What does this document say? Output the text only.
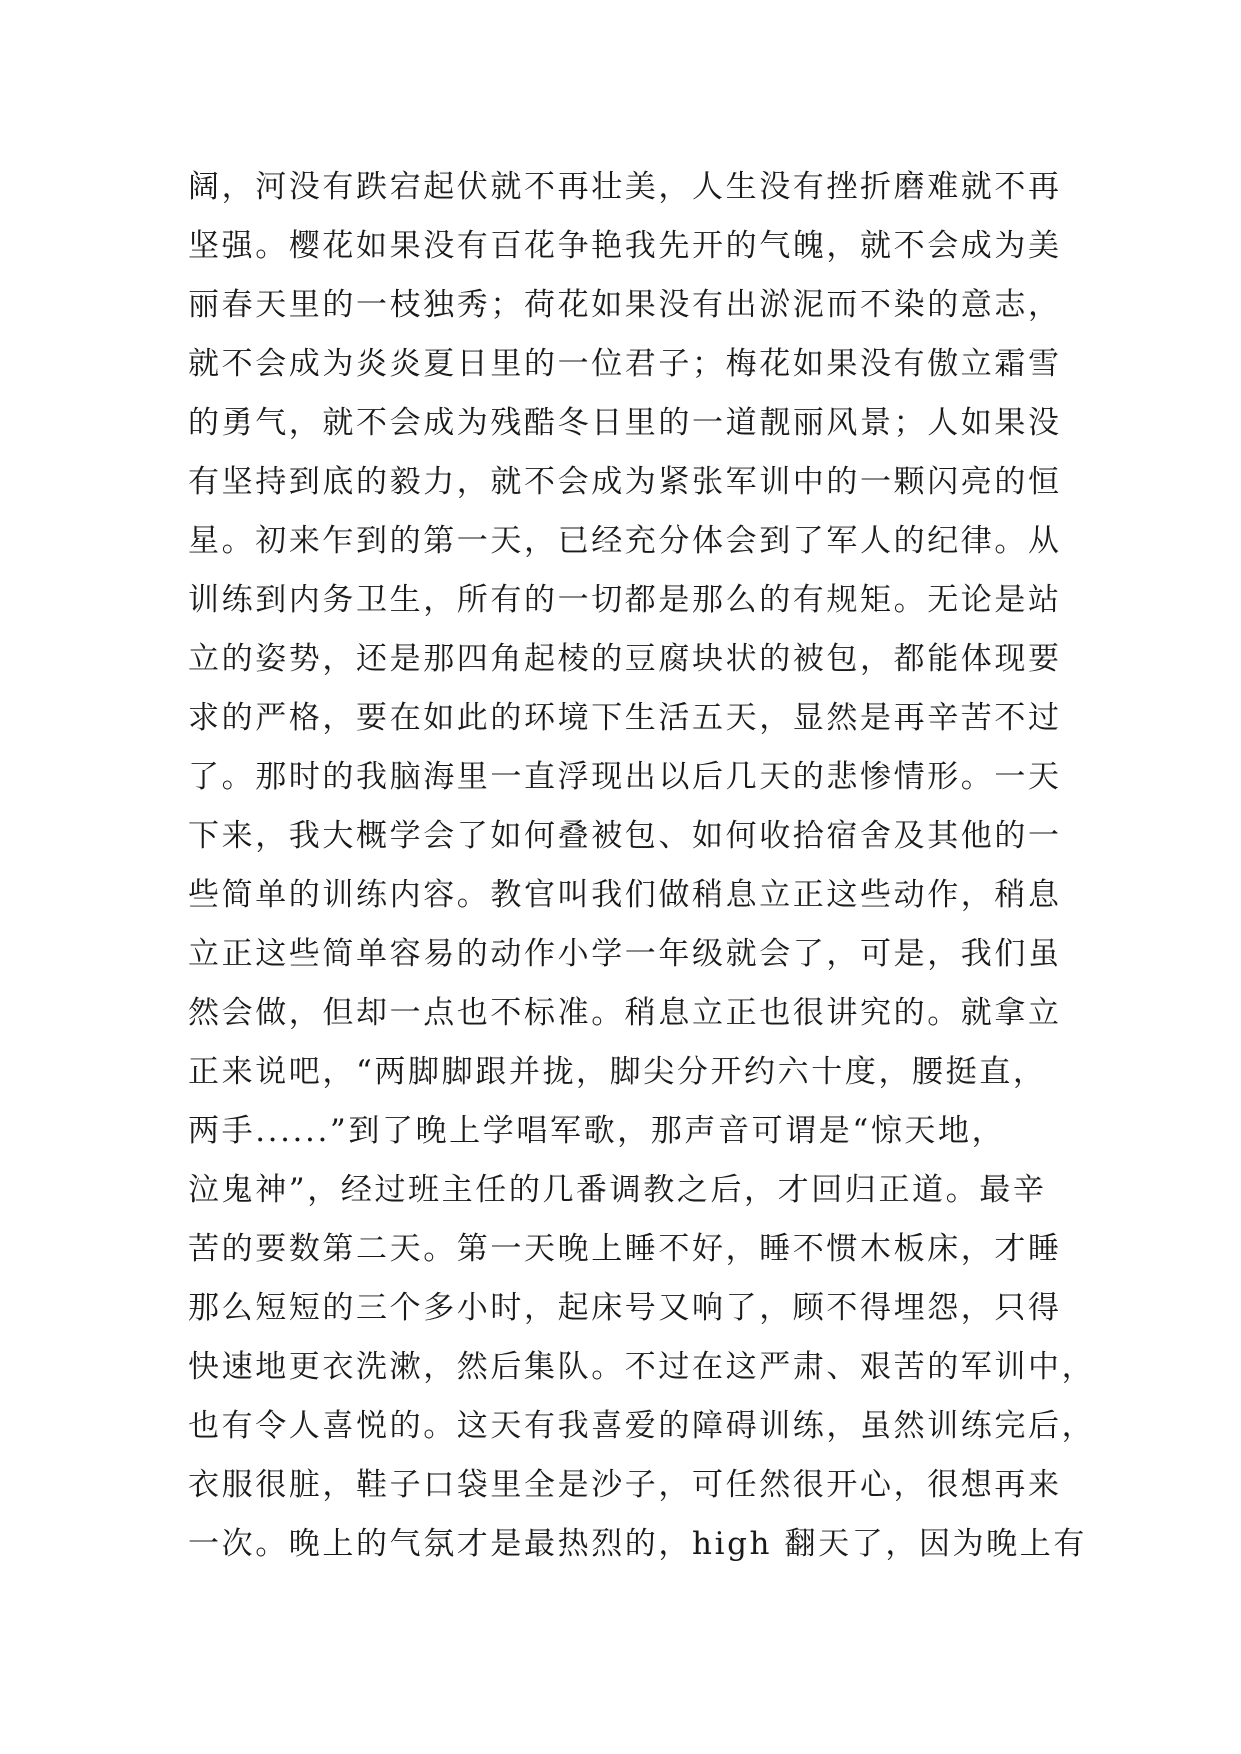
阔，河没有跌宕起伏就不再壮美，人生没有挫折磨难就不再
坚强。樱花如果没有百花争艳我先开的气魄，就不会成为美
丽春天里的一枝独秀；荷花如果没有出淤泥而不染的意志，
就不会成为炎炎夏日里的一位君子；梅花如果没有傲立霜雪
的勇气，就不会成为残酷冬日里的一道靓丽风景；人如果没
有坚持到底的毅力，就不会成为紧张军训中的一颗闪亮的恒
星。初来乍到的第一天，已经充分体会到了军人的纪律。从
训练到内务卫生，所有的一切都是那么的有规矩。无论是站
立的姿势，还是那四角起棱的豆腐块状的被包，都能体现要
求的严格，要在如此的环境下生活五天，显然是再辛苦不过
了。那时的我脑海里一直浮现出以后几天的悲惨情形。一天
下来，我大概学会了如何叠被包、如何收拾宿舍及其他的一
些简单的训练内容。教官叫我们做稍息立正这些动作，稍息
立正这些简单容易的动作小学一年级就会了，可是，我们虽
然会做，但却一点也不标准。稍息立正也很讲究的。就拿立
正来说吧，“两脚脚跟并拢，脚尖分开约六十度，腰挺直，
两手......”到了晚上学唱军歌，那声音可谓是“惊天地，
泣鬼神”，经过班主任的几番调教之后，才回归正道。最辛
苦的要数第二天。第一天晚上睡不好，睡不惯木板床，才睡
那么短短的三个多小时，起床号又响了，顾不得埋怨，只得
快速地更衣洗漱，然后集队。不过在这严肃、艰苦的军训中，
也有令人喜悦的。这天有我喜爱的障碍训练，虽然训练完后，
衣服很脏，鞋子口袋里全是沙子，可任然很开心，很想再来
一次。晚上的气氛才是最热烈的，high 翻天了，因为晚上有
